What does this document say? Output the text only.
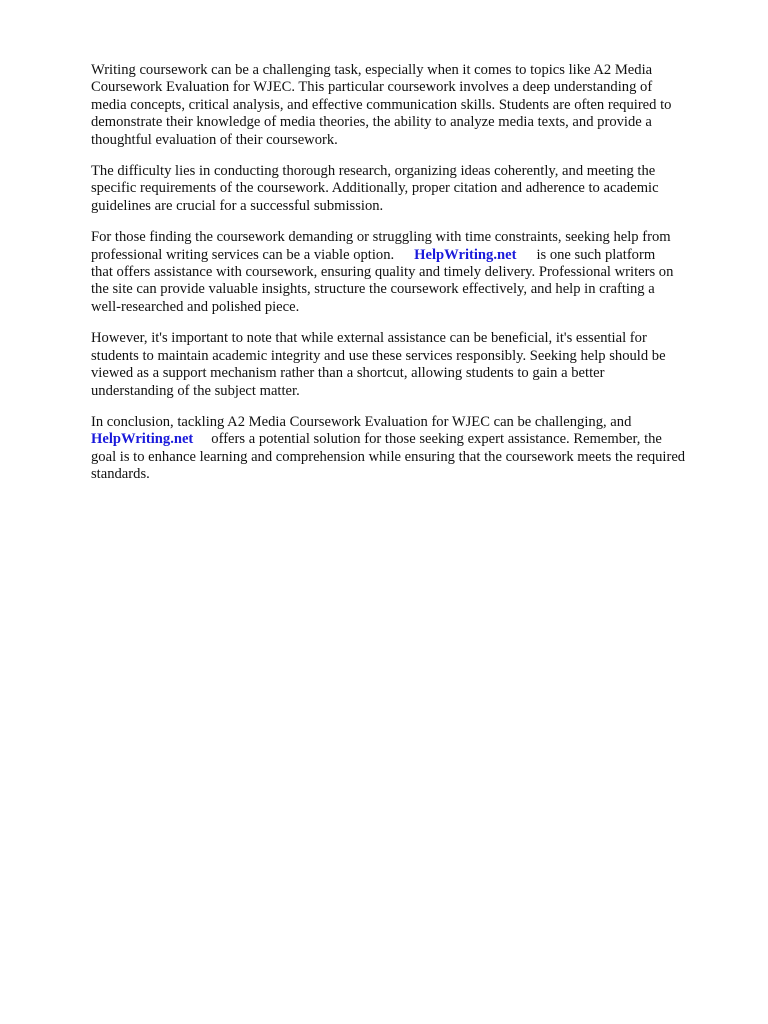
Writing coursework can be a challenging task, especially when it comes to topics like A2 Media
Coursework Evaluation for WJEC. This particular coursework involves a deep understanding of
media concepts, critical analysis, and effective communication skills. Students are often required to
demonstrate their knowledge of media theories, the ability to analyze media texts, and provide a
thoughtful evaluation of their coursework.

The difficulty lies in conducting thorough research, organizing ideas coherently, and meeting the
specific requirements of the coursework. Additionally, proper citation and adherence to academic
guidelines are crucial for a successful submission.

For those finding the coursework demanding or struggling with time constraints, seeking help from
professional writing services can be a viable option. HelpWriting.net is one such platform
that offers assistance with coursework, ensuring quality and timely delivery. Professional writers on
the site can provide valuable insights, structure the coursework effectively, and help in crafting a
well-researched and polished piece.

However, it's important to note that while external assistance can be beneficial, it's essential for
students to maintain academic integrity and use these services responsibly. Seeking help should be
viewed as a support mechanism rather than a shortcut, allowing students to gain a better
understanding of the subject matter.

In conclusion, tackling A2 Media Coursework Evaluation for WJEC can be challenging, and
HelpWriting.net offers a potential solution for those seeking expert assistance. Remember, the
goal is to enhance learning and comprehension while ensuring that the coursework meets the required
standards.
